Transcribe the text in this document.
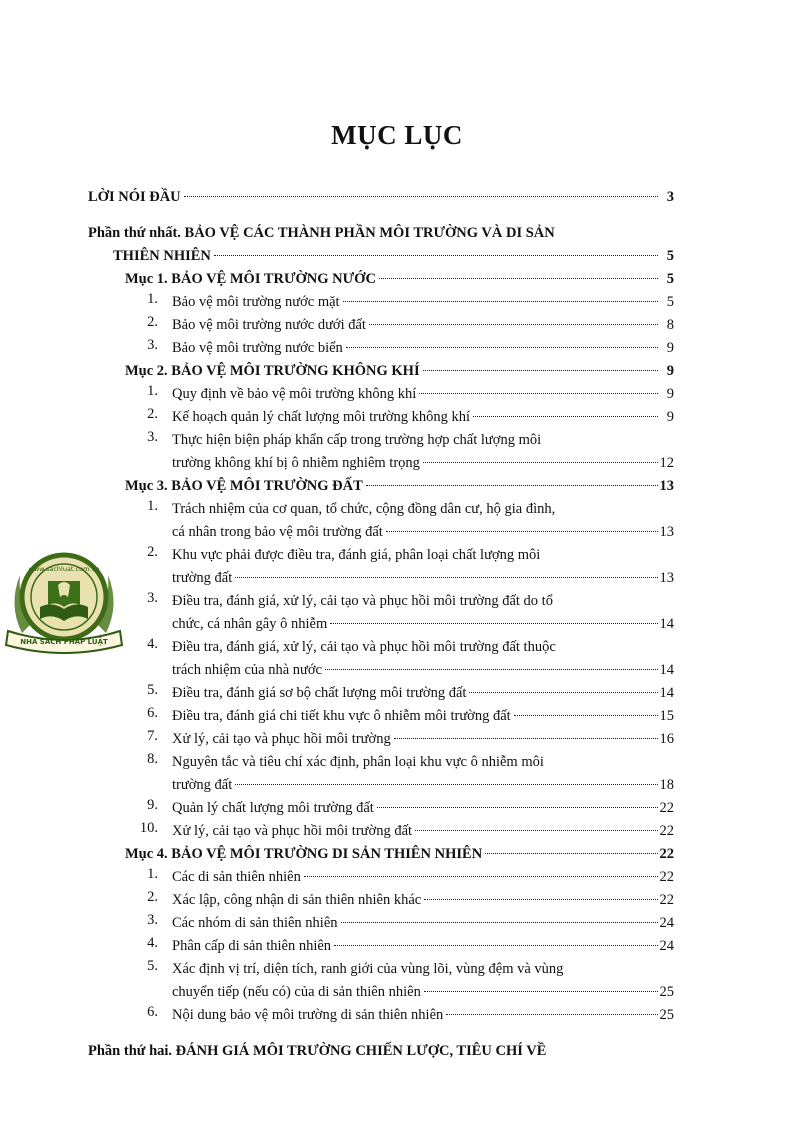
MỤC LỤC
www.sachluat.com.vn
NHÀ SÁCH PHÁP LUẬT
LỜI NÓI ĐẦU	3
Phần thứ nhất. BẢO VỆ CÁC THÀNH PHẦN MÔI TRƯỜNG VÀ DI SẢN
THIÊN NHIÊN	5
Mục 1. BẢO VỆ MÔI TRƯỜNG NƯỚC	5
1. Bảo vệ môi trường nước mặt	5
2. Bảo vệ môi trường nước dưới đất	8
3. Bảo vệ môi trường nước biển	9
Mục 2. BẢO VỆ MÔI TRƯỜNG KHÔNG KHÍ	9
1. Quy định về bảo vệ môi trường không khí	9
2. Kế hoạch quản lý chất lượng môi trường không khí	9
3. Thực hiện biện pháp khẩn cấp trong trường hợp chất lượng môi
trường không khí bị ô nhiễm nghiêm trọng	12
Mục 3. BẢO VỆ MÔI TRƯỜNG ĐẤT	13
1. Trách nhiệm của cơ quan, tổ chức, cộng đồng dân cư, hộ gia đình,
cá nhân trong bảo vệ môi trường đất	13
2. Khu vực phải được điều tra, đánh giá, phân loại chất lượng môi
trường đất	13
3. Điều tra, đánh giá, xử lý, cải tạo và phục hồi môi trường đất do tổ
chức, cá nhân gây ô nhiễm	14
4. Điều tra, đánh giá, xử lý, cải tạo và phục hồi môi trường đất thuộc
trách nhiệm của nhà nước	14
5. Điều tra, đánh giá sơ bộ chất lượng môi trường đất	14
6. Điều tra, đánh giá chi tiết khu vực ô nhiễm môi trường đất	15
7. Xử lý, cải tạo và phục hồi môi trường	16
8. Nguyên tắc và tiêu chí xác định, phân loại khu vực ô nhiễm môi
trường đất	18
9. Quản lý chất lượng môi trường đất	22
10. Xử lý, cải tạo và phục hồi môi trường đất	22
Mục 4. BẢO VỆ MÔI TRƯỜNG DI SẢN THIÊN NHIÊN	22
1. Các di sản thiên nhiên	22
2. Xác lập, công nhận di sản thiên nhiên khác	22
3. Các nhóm di sản thiên nhiên	24
4. Phân cấp di sản thiên nhiên	24
5. Xác định vị trí, diện tích, ranh giới của vùng lõi, vùng đệm và vùng
chuyển tiếp (nếu có) của di sản thiên nhiên	25
6. Nội dung bảo vệ môi trường di sản thiên nhiên	25
Phần thứ hai. ĐÁNH GIÁ MÔI TRƯỜNG CHIẾN LƯỢC, TIÊU CHÍ VỀ
